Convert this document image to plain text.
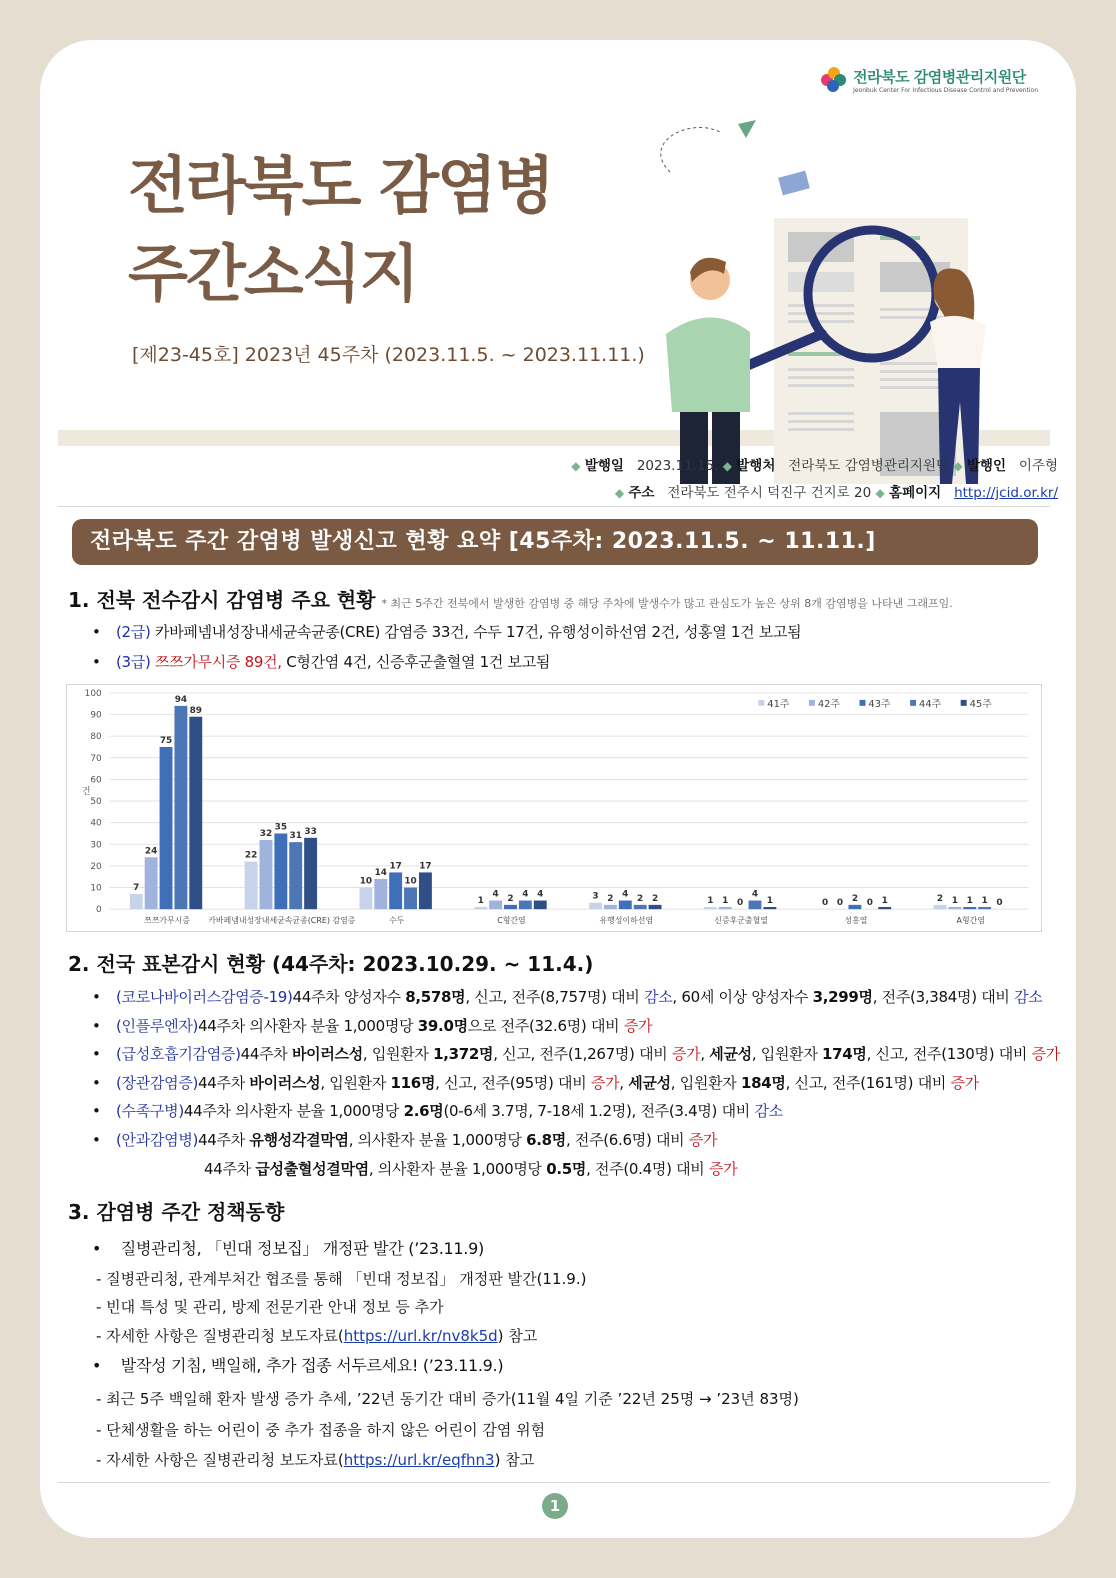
전라북도 감염병관리지원단
Jeonbuk Center For Infectious Disease Control and Prevention
전라북도 감염병
주간소식지
[제23-45호] 2023년 45주차 (2023.11.5. ~ 2023.11.11.)
◆ 발행일 2023.11.15. ◆ 발행처 전라북도 감염병관리지원단 ◆ 발행인 이주형
◆ 주소 전라북도 전주시 덕진구 건지로 20 ◆ 홈페이지 http://jcid.or.kr/
전라북도 주간 감염병 발생신고 현황 요약 [45주차: 2023.11.5. ~ 11.11.]
1. 전북 전수감시 감염병 주요 현황 * 최근 5주간 전북에서 발생한 감염병 중 해당 주차에 발생수가 많고 관심도가 높은 상위 8개 감염병을 나타낸 그래프임.
• (2급) 카바페넴내성장내세균속균종(CRE) 감염증 33건, 수두 17건, 유행성이하선염 2건, 성홍열 1건 보고됨
• (3급) 쯔쯔가무시증 89건, C형간염 4건, 신증후군출혈열 1건 보고됨
0
10
20
30
40
50
60
70
80
90
100
건
7
24
75
94
89
쯔쯔가무시증
22
32
35
31 33
카바페넴내성장내세균속균종(CRE) 감염증
10
14
17
10
17
수두
1
4 2 4 4
C형간염
3 2 4 2 2
유행성이하선염
1 1 0
4
1
신증후군출혈열
0 0 2 0 1
성홍열
2 1 1 1 0
A형간염
41주	42주	43주	44주	45주
2. 전국 표본감시 현황 (44주차: 2023.10.29. ~ 11.4.)
• (코로나바이러스감염증-19)44주차 양성자수 8,578명, 신고, 전주(8,757명) 대비 감소, 60세 이상 양성자수 3,299명, 전주(3,384명) 대비 감소
• (인플루엔자)44주차 의사환자 분율 1,000명당 39.0명으로 전주(32.6명) 대비 증가
• (급성호흡기감염증)44주차 바이러스성, 입원환자 1,372명, 신고, 전주(1,267명) 대비 증가, 세균성, 입원환자 174명, 신고, 전주(130명) 대비 증가
• (장관감염증)44주차 바이러스성, 입원환자 116명, 신고, 전주(95명) 대비 증가, 세균성, 입원환자 184명, 신고, 전주(161명) 대비 증가
• (수족구병)44주차 의사환자 분율 1,000명당 2.6명(0-6세 3.7명, 7-18세 1.2명), 전주(3.4명) 대비 감소
• (안과감염병)44주차 유행성각결막염, 의사환자 분율 1,000명당 6.8명, 전주(6.6명) 대비 증가
44주차 급성출혈성결막염, 의사환자 분율 1,000명당 0.5명, 전주(0.4명) 대비 증가
3. 감염병 주간 정책동향
• 질병관리청, 「빈대 정보집」 개정판 발간 (’23.11.9)
- 질병관리청, 관계부처간 협조를 통해 「빈대 정보집」 개정판 발간(11.9.)
- 빈대 특성 및 관리, 방제 전문기관 안내 정보 등 추가
- 자세한 사항은 질병관리청 보도자료(https://url.kr/nv8k5d) 참고
• 발작성 기침, 백일해, 추가 접종 서두르세요! (’23.11.9.)
- 최근 5주 백일해 환자 발생 증가 추세, ’22년 동기간 대비 증가(11월 4일 기준 ’22년 25명 → ’23년 83명)
- 단체생활을 하는 어린이 중 추가 접종을 하지 않은 어린이 감염 위험
- 자세한 사항은 질병관리청 보도자료(https://url.kr/eqfhn3) 참고
1
